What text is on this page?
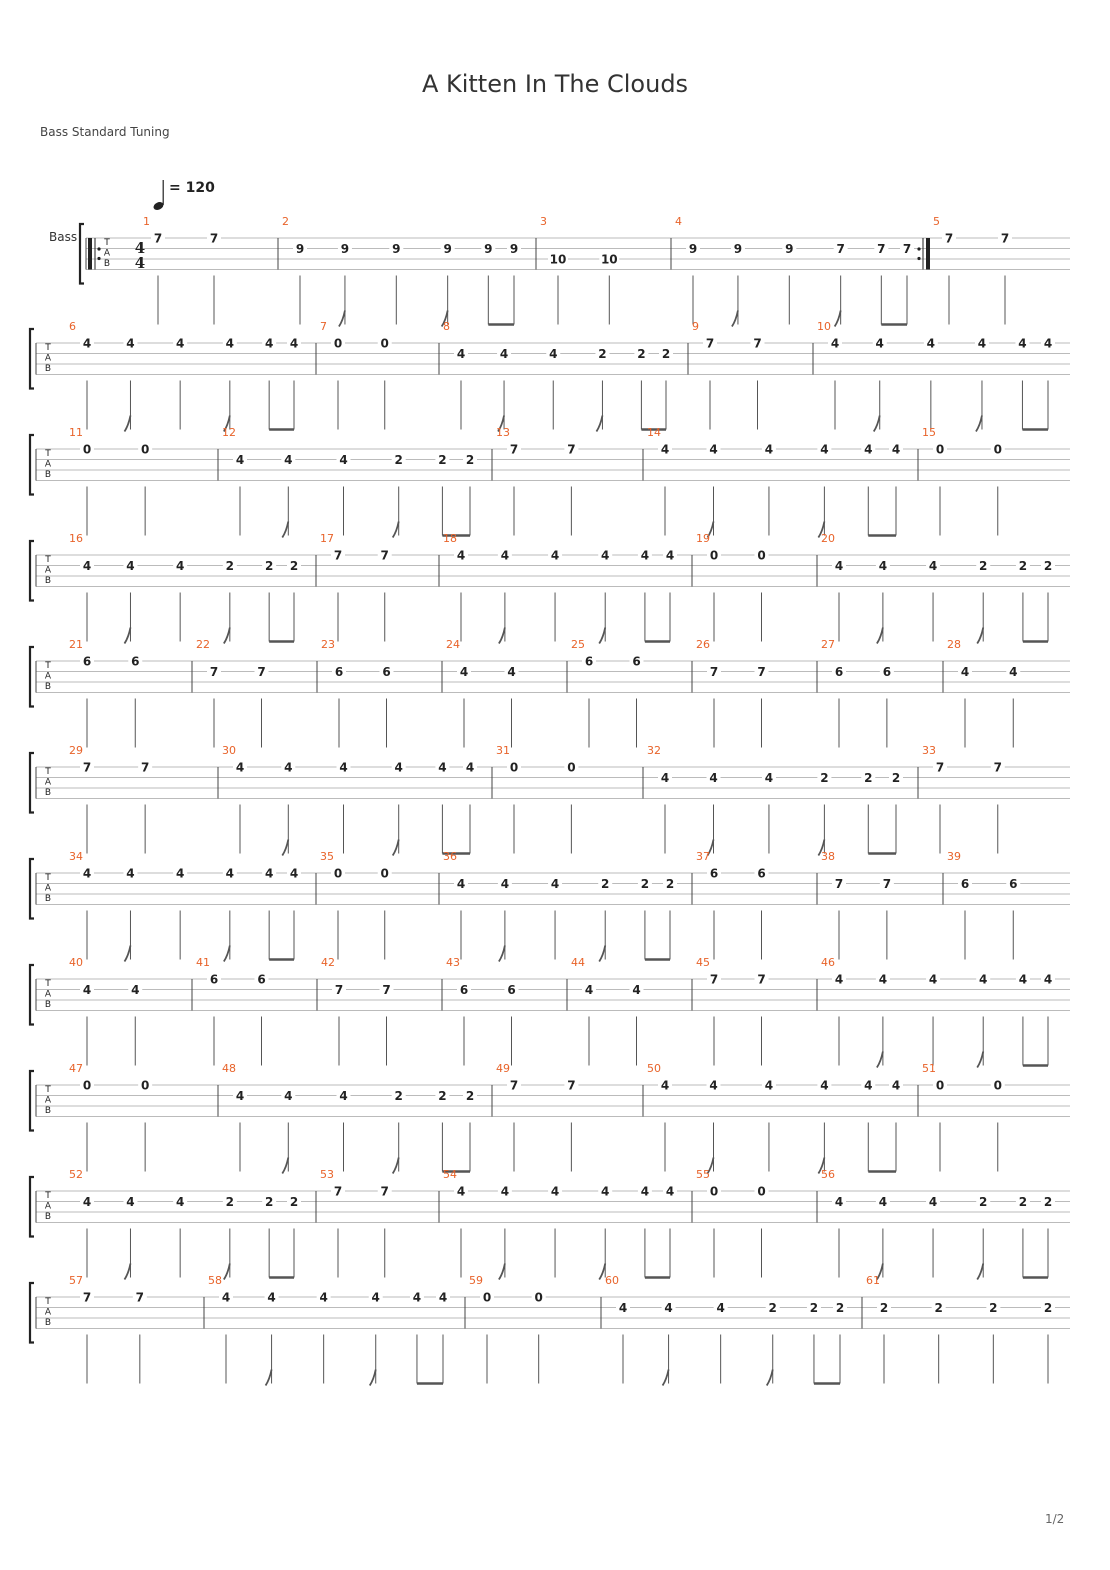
A Kitten In The Clouds
Bass Standard Tuning
= 120
1/2
T
A
B
Bass
4
4
1
7	7
2
9	9	9	9	9 9
3
10	10
4
9	9	9	7	7 7
5
7	7
T
A
B
6
4	4	4	4	4 4
7
0	0
8
4	4	4	2	2 2
9
7	7
10
4	4	4	4	4 4
T
A
B
11
0	0
12
4	4	4	2	2 2
13
7	7
14
4	4	4	4	4 4
15
0	0
T
A
B
16
4	4	4	2	2 2
17
7	7
18
4	4	4	4	4 4
19
0	0
20
4	4	4	2	2 2
T
A
B
21
6	6
22
7	7
23
6	6
24
4	4
25
6	6
26
7	7
27
6	6
28
4	4
T
A
B
29
7	7
30
4	4	4	4	4 4
31
0	0
32
4	4	4	2	2 2
33
7	7
T
A
B
34
4	4	4	4	4 4
35
0	0
36
4	4	4	2	2 2
37
6	6
38
7	7
39
6	6
T
A
B
40
4	4
41
6	6
42
7	7
43
6	6
44
4	4
45
7	7
46
4	4	4	4	4 4
T
A
B
47
0	0
48
4	4	4	2	2 2
49
7	7
50
4	4	4	4	4 4
51
0	0
T
A
B
52
4	4	4	2	2 2
53
7	7
54
4	4	4	4	4 4
55
0	0
56
4	4	4	2	2 2
T
A
B
57
7	7
58
4	4	4	4	4 4
59
0	0
60
4	4	4	2	2 2
61
2	2	2	2
